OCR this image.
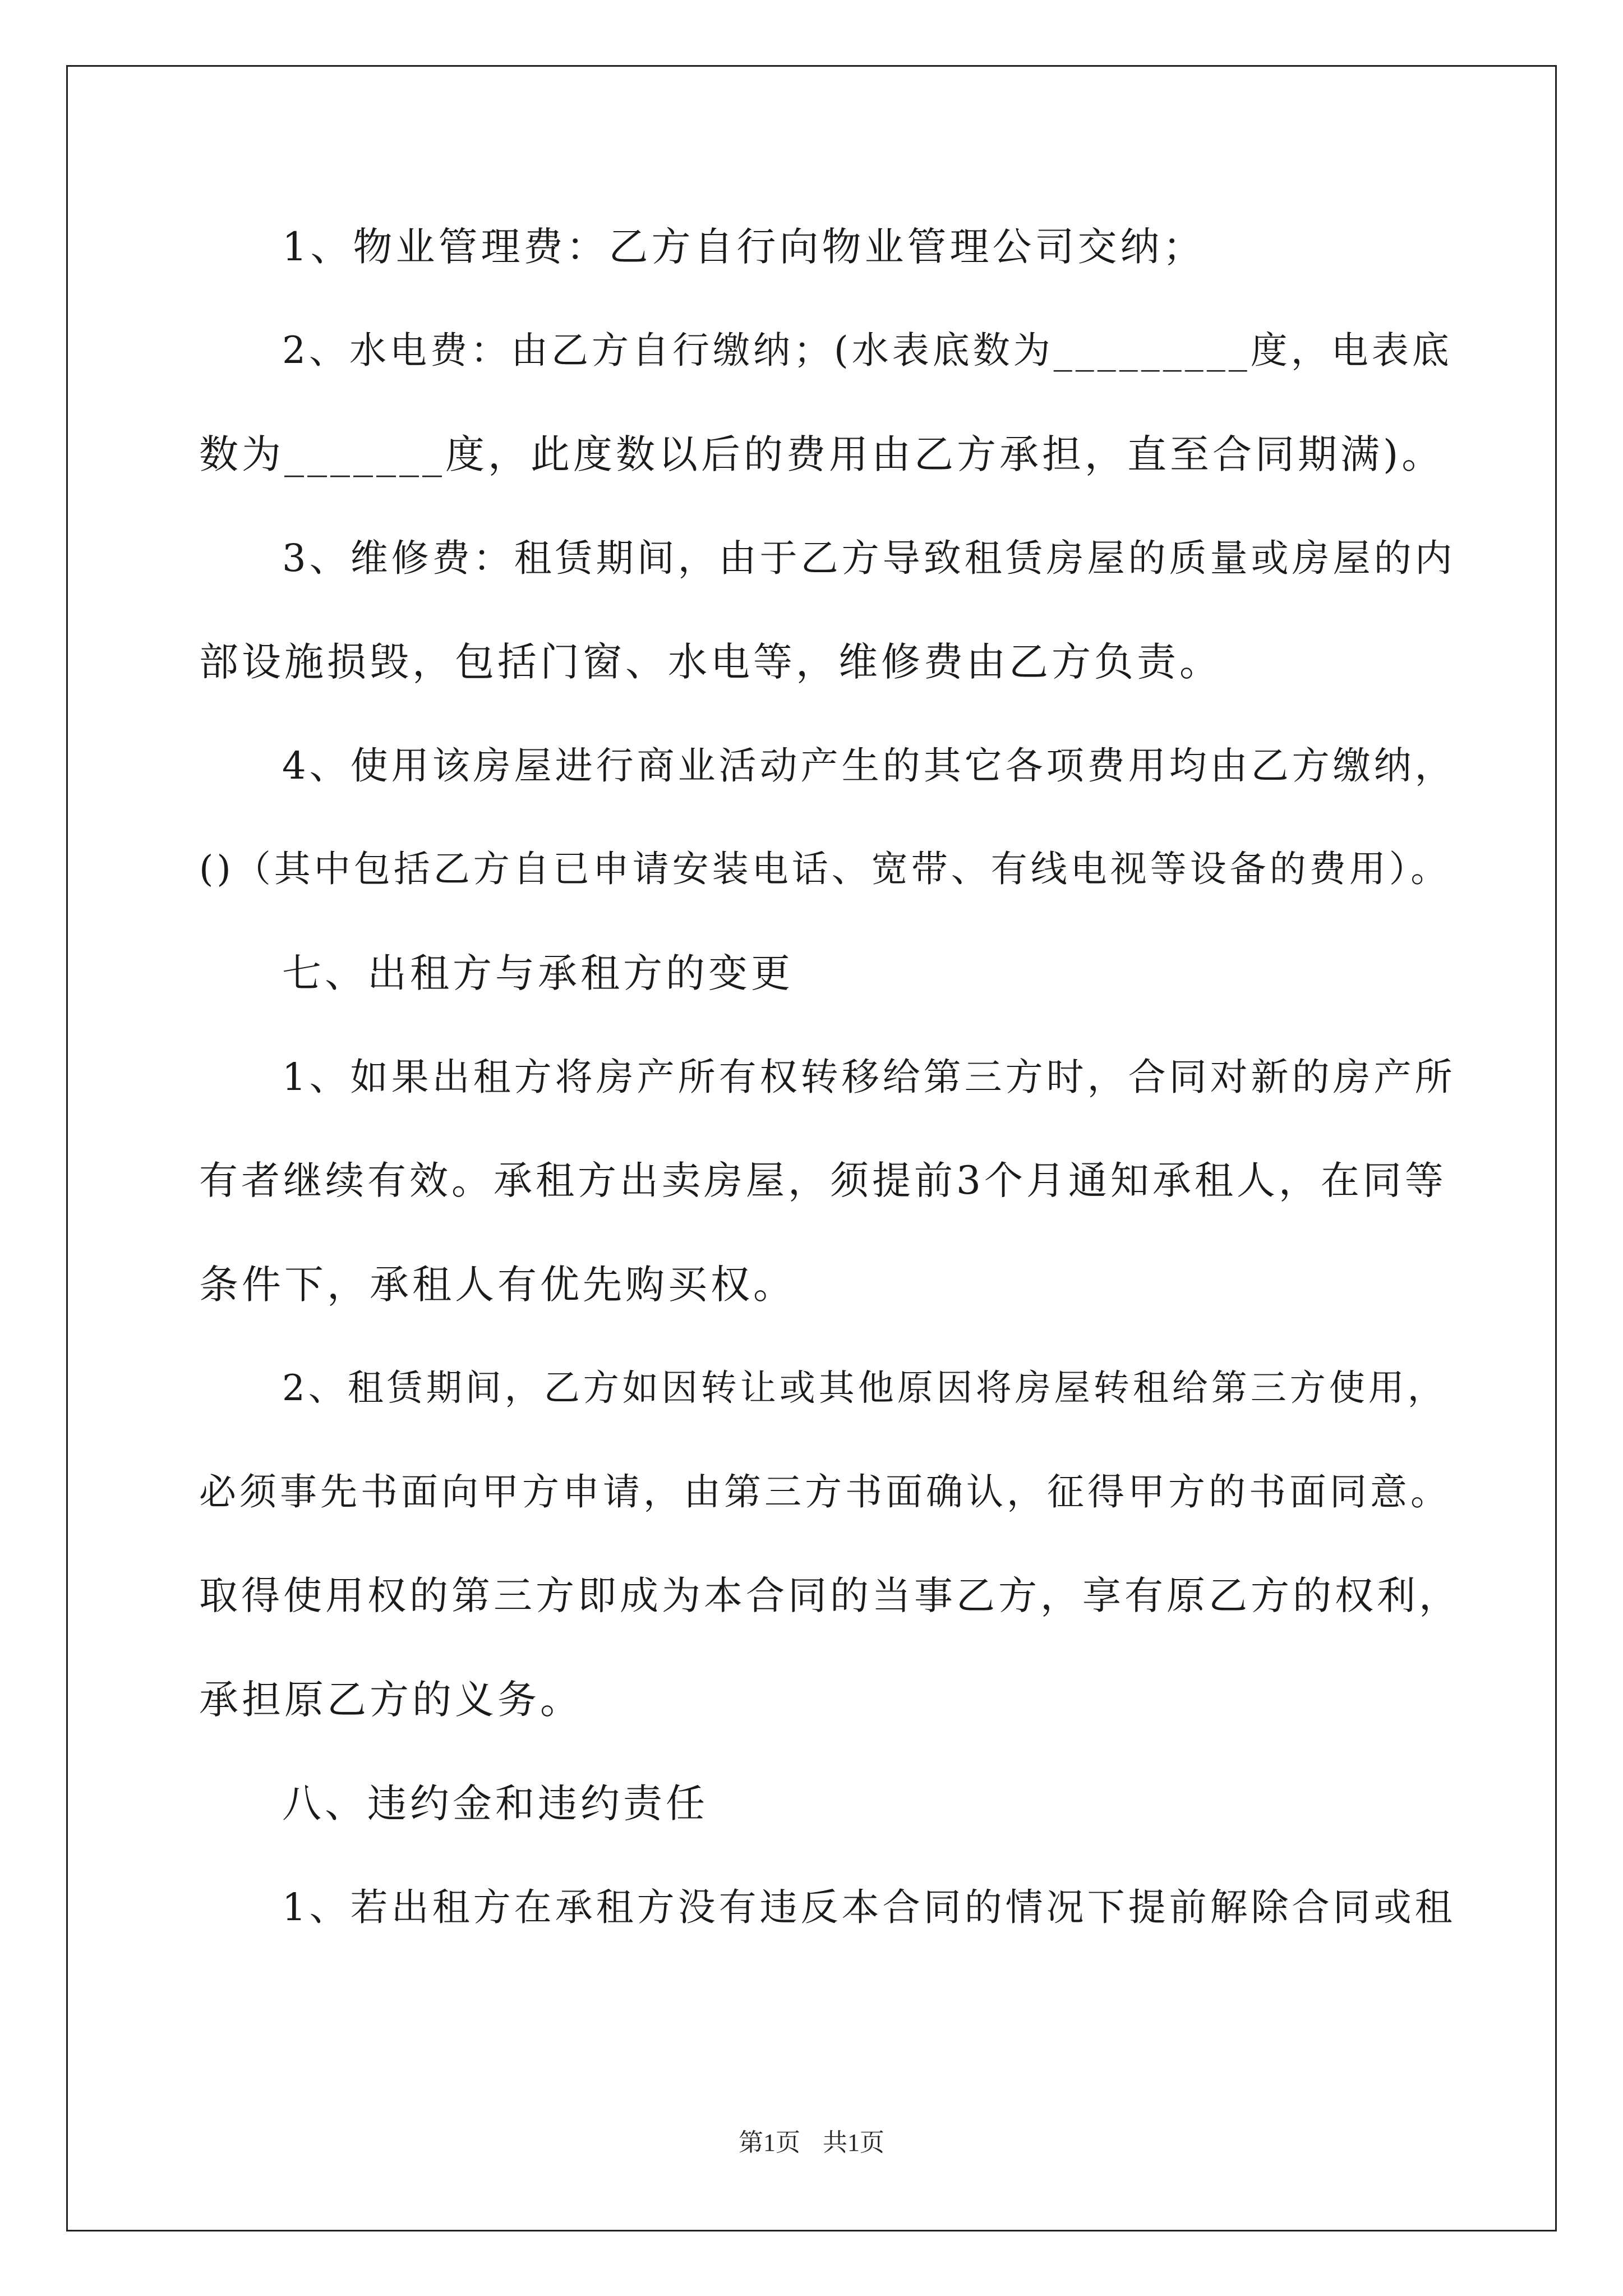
1、物业管理费：乙方自行向物业管理公司交纳；
2、水电费：由乙方自行缴纳；(水表底数为_________度，电表底
数为_______度，此度数以后的费用由乙方承担，直至合同期满)。
3、维修费：租赁期间，由于乙方导致租赁房屋的质量或房屋的内
部设施损毁，包括门窗、水电等，维修费由乙方负责。
4、使用该房屋进行商业活动产生的其它各项费用均由乙方缴纳，
()（其中包括乙方自已申请安装电话、宽带、有线电视等设备的费用）。
七、出租方与承租方的变更
1、如果出租方将房产所有权转移给第三方时，合同对新的房产所
有者继续有效。承租方出卖房屋，须提前3个月通知承租人，在同等
条件下，承租人有优先购买权。
2、租赁期间，乙方如因转让或其他原因将房屋转租给第三方使用，
必须事先书面向甲方申请，由第三方书面确认，征得甲方的书面同意。
取得使用权的第三方即成为本合同的当事乙方，享有原乙方的权利，
承担原乙方的义务。
八、违约金和违约责任
1、若出租方在承租方没有违反本合同的情况下提前解除合同或租
第1页 共1页
